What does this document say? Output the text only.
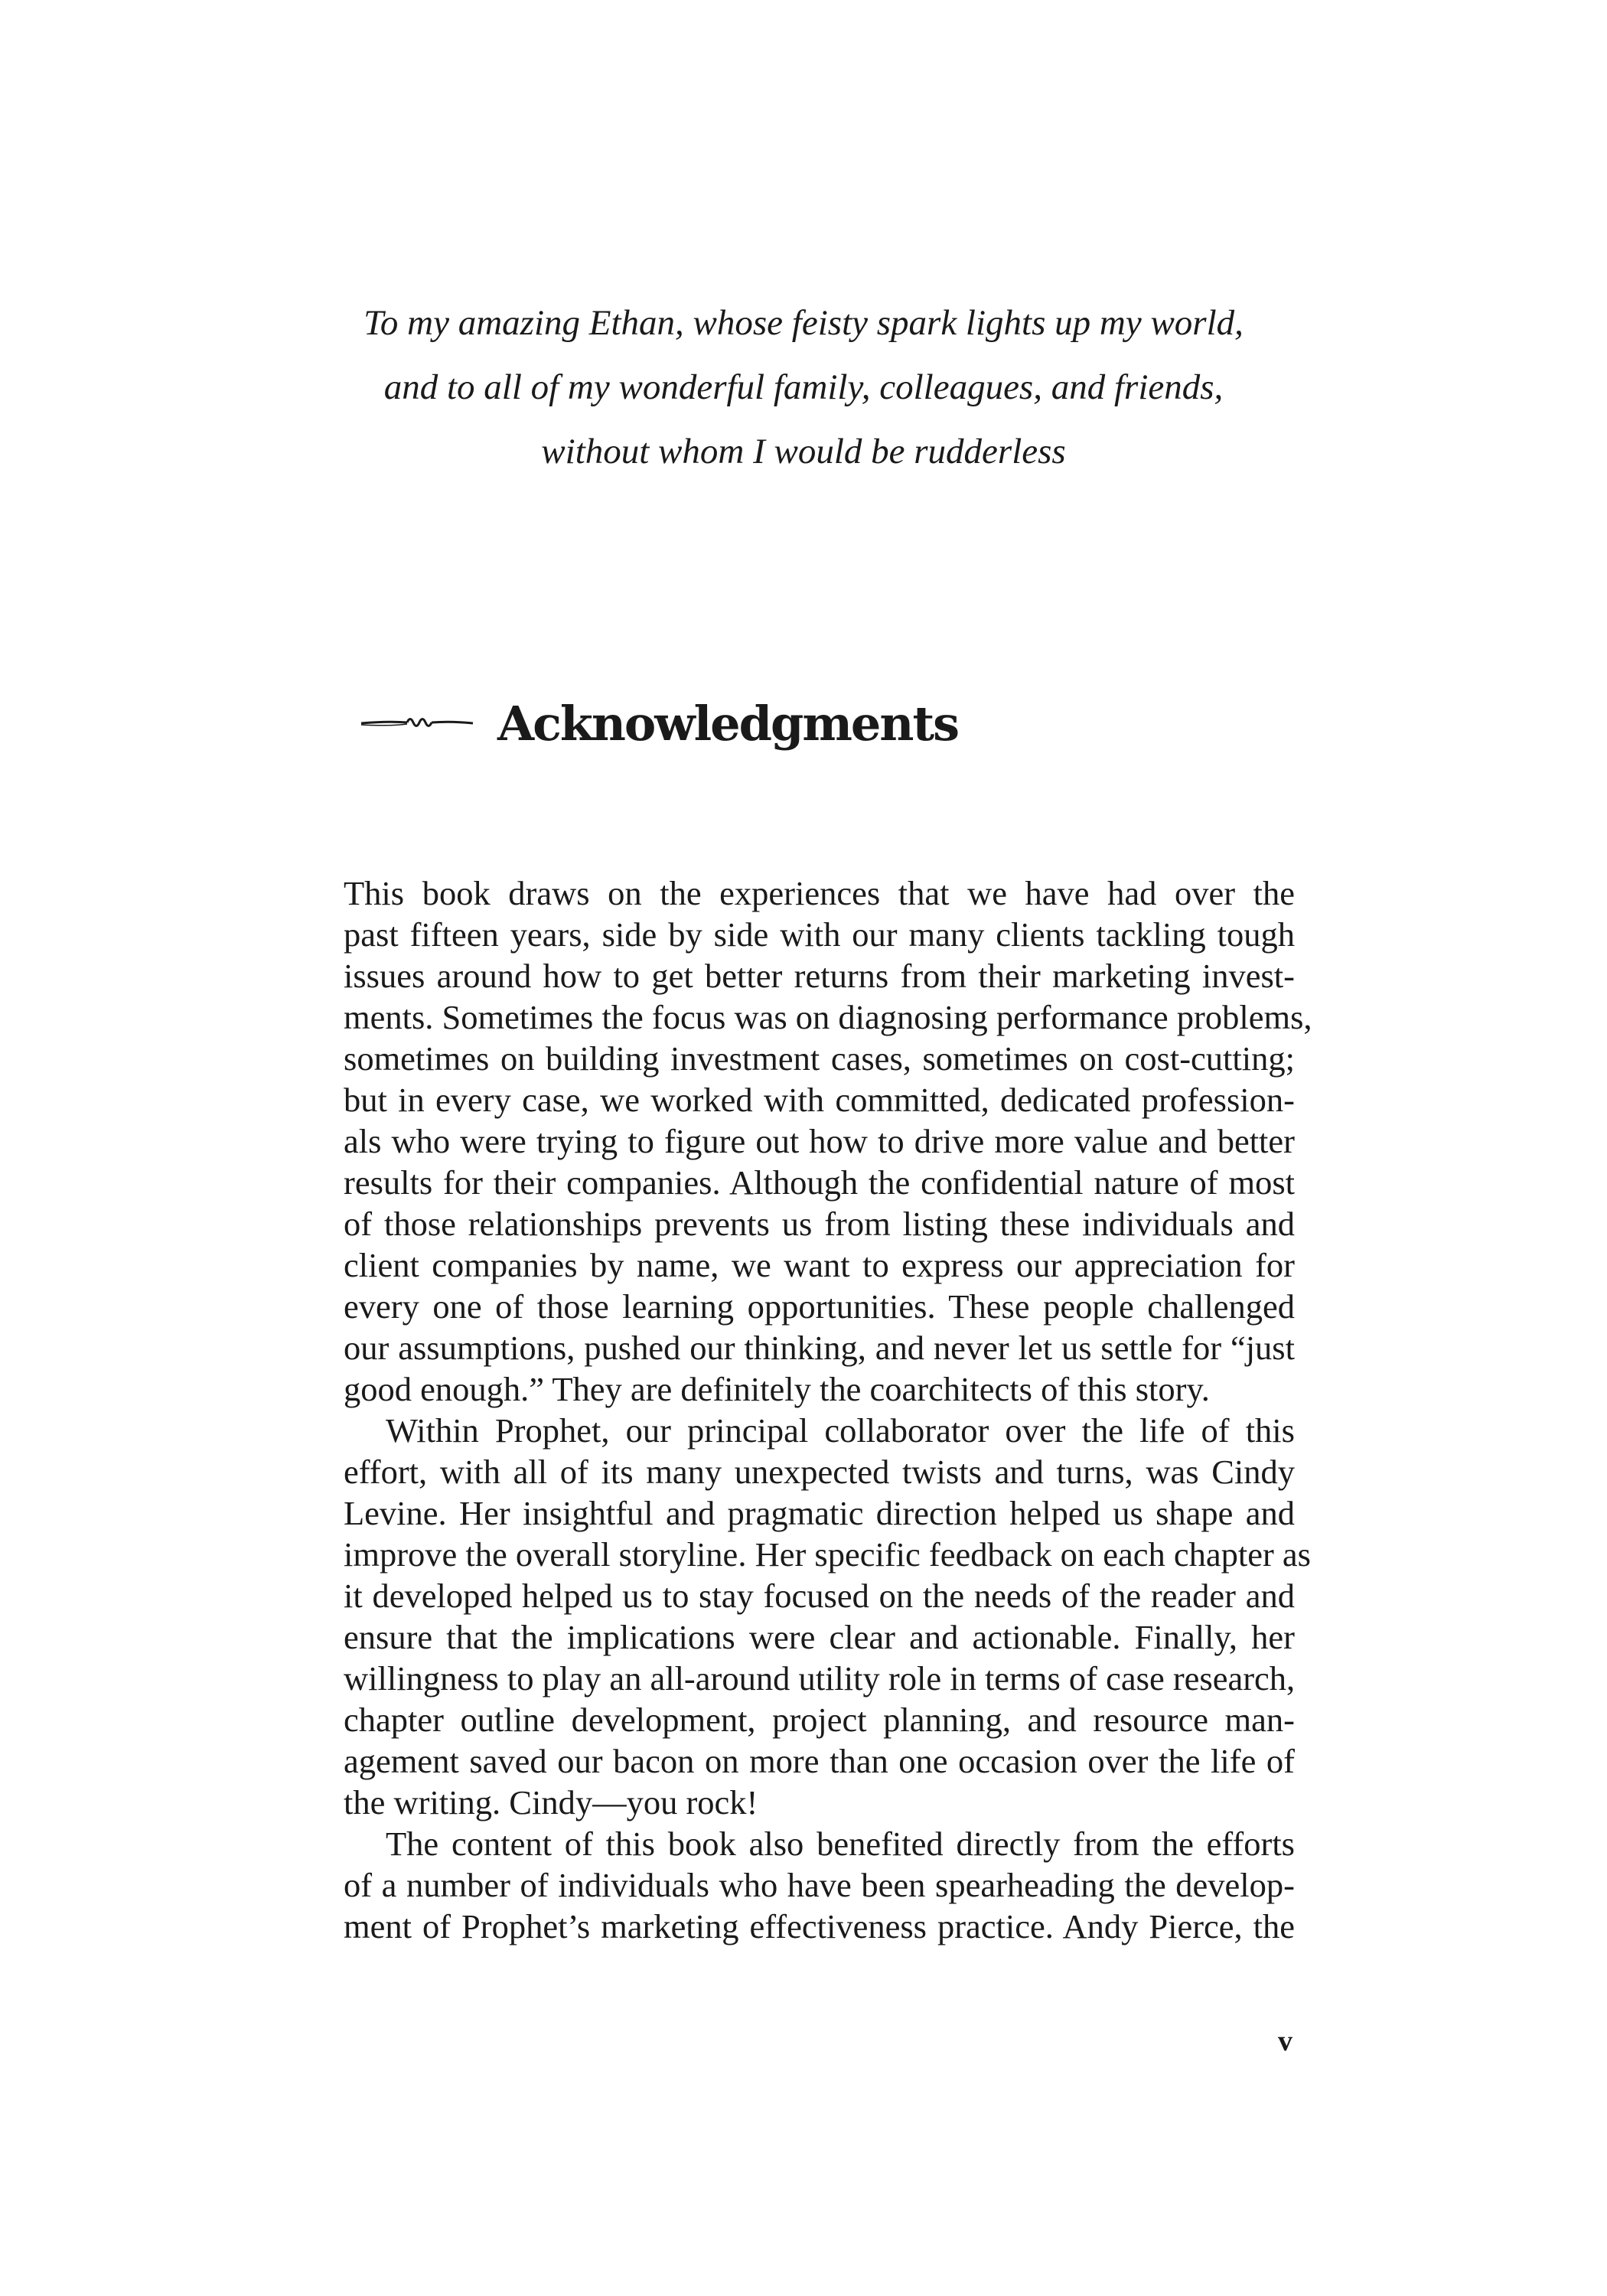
To my amazing Ethan, whose feisty spark lights up my world,
and to all of my wonderful family, colleagues, and friends,
without whom I would be rudderless
Acknowledgments
This book draws on the experiences that we have had over the
past fifteen years, side by side with our many clients tackling tough
issues around how to get better returns from their marketing invest-
ments. Sometimes the focus was on diagnosing performance problems,
sometimes on building investment cases, sometimes on cost-cutting;
but in every case, we worked with committed, dedicated profession-
als who were trying to figure out how to drive more value and better
results for their companies. Although the confidential nature of most
of those relationships prevents us from listing these individuals and
client companies by name, we want to express our appreciation for
every one of those learning opportunities. These people challenged
our assumptions, pushed our thinking, and never let us settle for “just
good enough.” They are definitely the coarchitects of this story.
Within Prophet, our principal collaborator over the life of this
effort, with all of its many unexpected twists and turns, was Cindy
Levine. Her insightful and pragmatic direction helped us shape and
improve the overall storyline. Her specific feedback on each chapter as
it developed helped us to stay focused on the needs of the reader and
ensure that the implications were clear and actionable. Finally, her
willingness to play an all-around utility role in terms of case research,
chapter outline development, project planning, and resource man-
agement saved our bacon on more than one occasion over the life of
the writing. Cindy—you rock!
The content of this book also benefited directly from the efforts
of a number of individuals who have been spearheading the develop-
ment of Prophet’s marketing effectiveness practice. Andy Pierce, the
v
